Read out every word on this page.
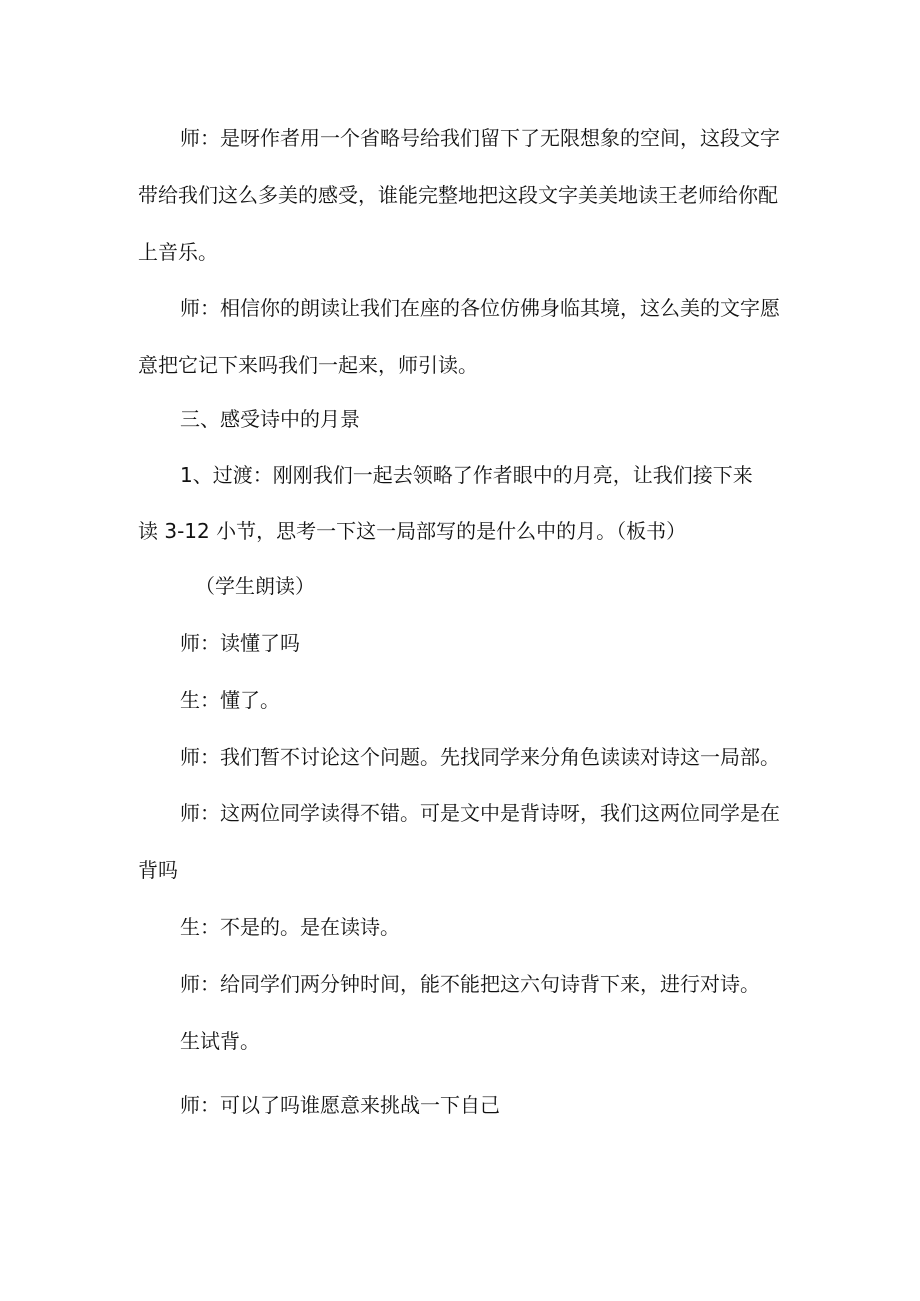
师：是呀作者用一个省略号给我们留下了无限想象的空间，这段文字
带给我们这么多美的感受，谁能完整地把这段文字美美地读王老师给你配
上音乐。
师：相信你的朗读让我们在座的各位仿佛身临其境，这么美的文字愿
意把它记下来吗我们一起来，师引读。
三、感受诗中的月景
1、过渡：刚刚我们一起去领略了作者眼中的月亮，让我们接下来
读 3-12 小节，思考一下这一局部写的是什么中的月。（板书）
（学生朗读）
师：读懂了吗
生：懂了。
师：我们暂不讨论这个问题。先找同学来分角色读读对诗这一局部。
师：这两位同学读得不错。可是文中是背诗呀，我们这两位同学是在
背吗
生：不是的。是在读诗。
师：给同学们两分钟时间，能不能把这六句诗背下来，进行对诗。
生试背。
师：可以了吗谁愿意来挑战一下自己
